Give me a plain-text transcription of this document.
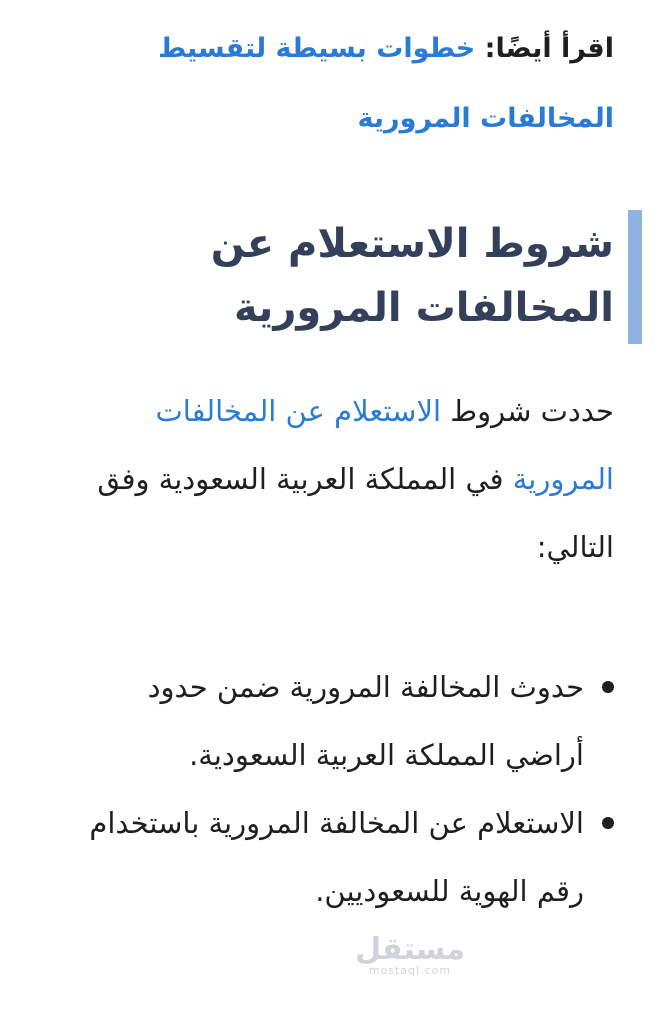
اقرأ أيضًا: خطوات بسيطة لتقسيط المخالفات المرورية

شروط الاستعلام عن المخالفات المرورية

حددت شروط الاستعلام عن المخالفات المرورية في المملكة العربية السعودية وفق التالي:

حدوث المخالفة المرورية ضمن حدود أراضي المملكة العربية السعودية.
الاستعلام عن المخالفة المرورية باستخدام رقم الهوية للسعوديين.
مستقل
mostaql.com
